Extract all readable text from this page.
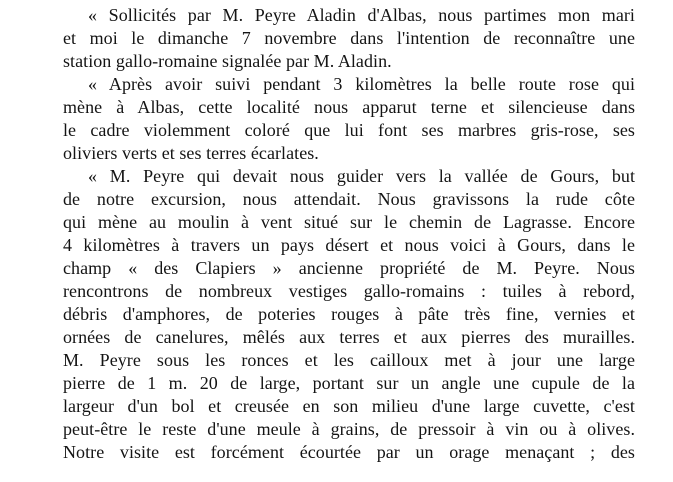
« Sollicités par M. Peyre Aladin d'Albas, nous partimes mon mari
et moi le dimanche 7 novembre dans l'intention de reconnaître une
station gallo-romaine signalée par M. Aladin.
« Après avoir suivi pendant 3 kilomètres la belle route rose qui
mène à Albas, cette localité nous apparut terne et silencieuse dans
le cadre violemment coloré que lui font ses marbres gris-rose, ses
oliviers verts et ses terres écarlates.
« M. Peyre qui devait nous guider vers la vallée de Gours, but
de notre excursion, nous attendait. Nous gravissons la rude côte
qui mène au moulin à vent situé sur le chemin de Lagrasse. Encore
4 kilomètres à travers un pays désert et nous voici à Gours, dans le
champ « des Clapiers » ancienne propriété de M. Peyre. Nous
rencontrons de nombreux vestiges gallo-romains : tuiles à rebord,
débris d'amphores, de poteries rouges à pâte très fine, vernies et
ornées de canelures, mêlés aux terres et aux pierres des murailles.
M. Peyre sous les ronces et les cailloux met à jour une large
pierre de 1 m. 20 de large, portant sur un angle une cupule de la
largeur d'un bol et creusée en son milieu d'une large cuvette, c'est
peut-être le reste d'une meule à grains, de pressoir à vin ou à olives.
Notre visite est forcément écourtée par un orage menaçant ; des
